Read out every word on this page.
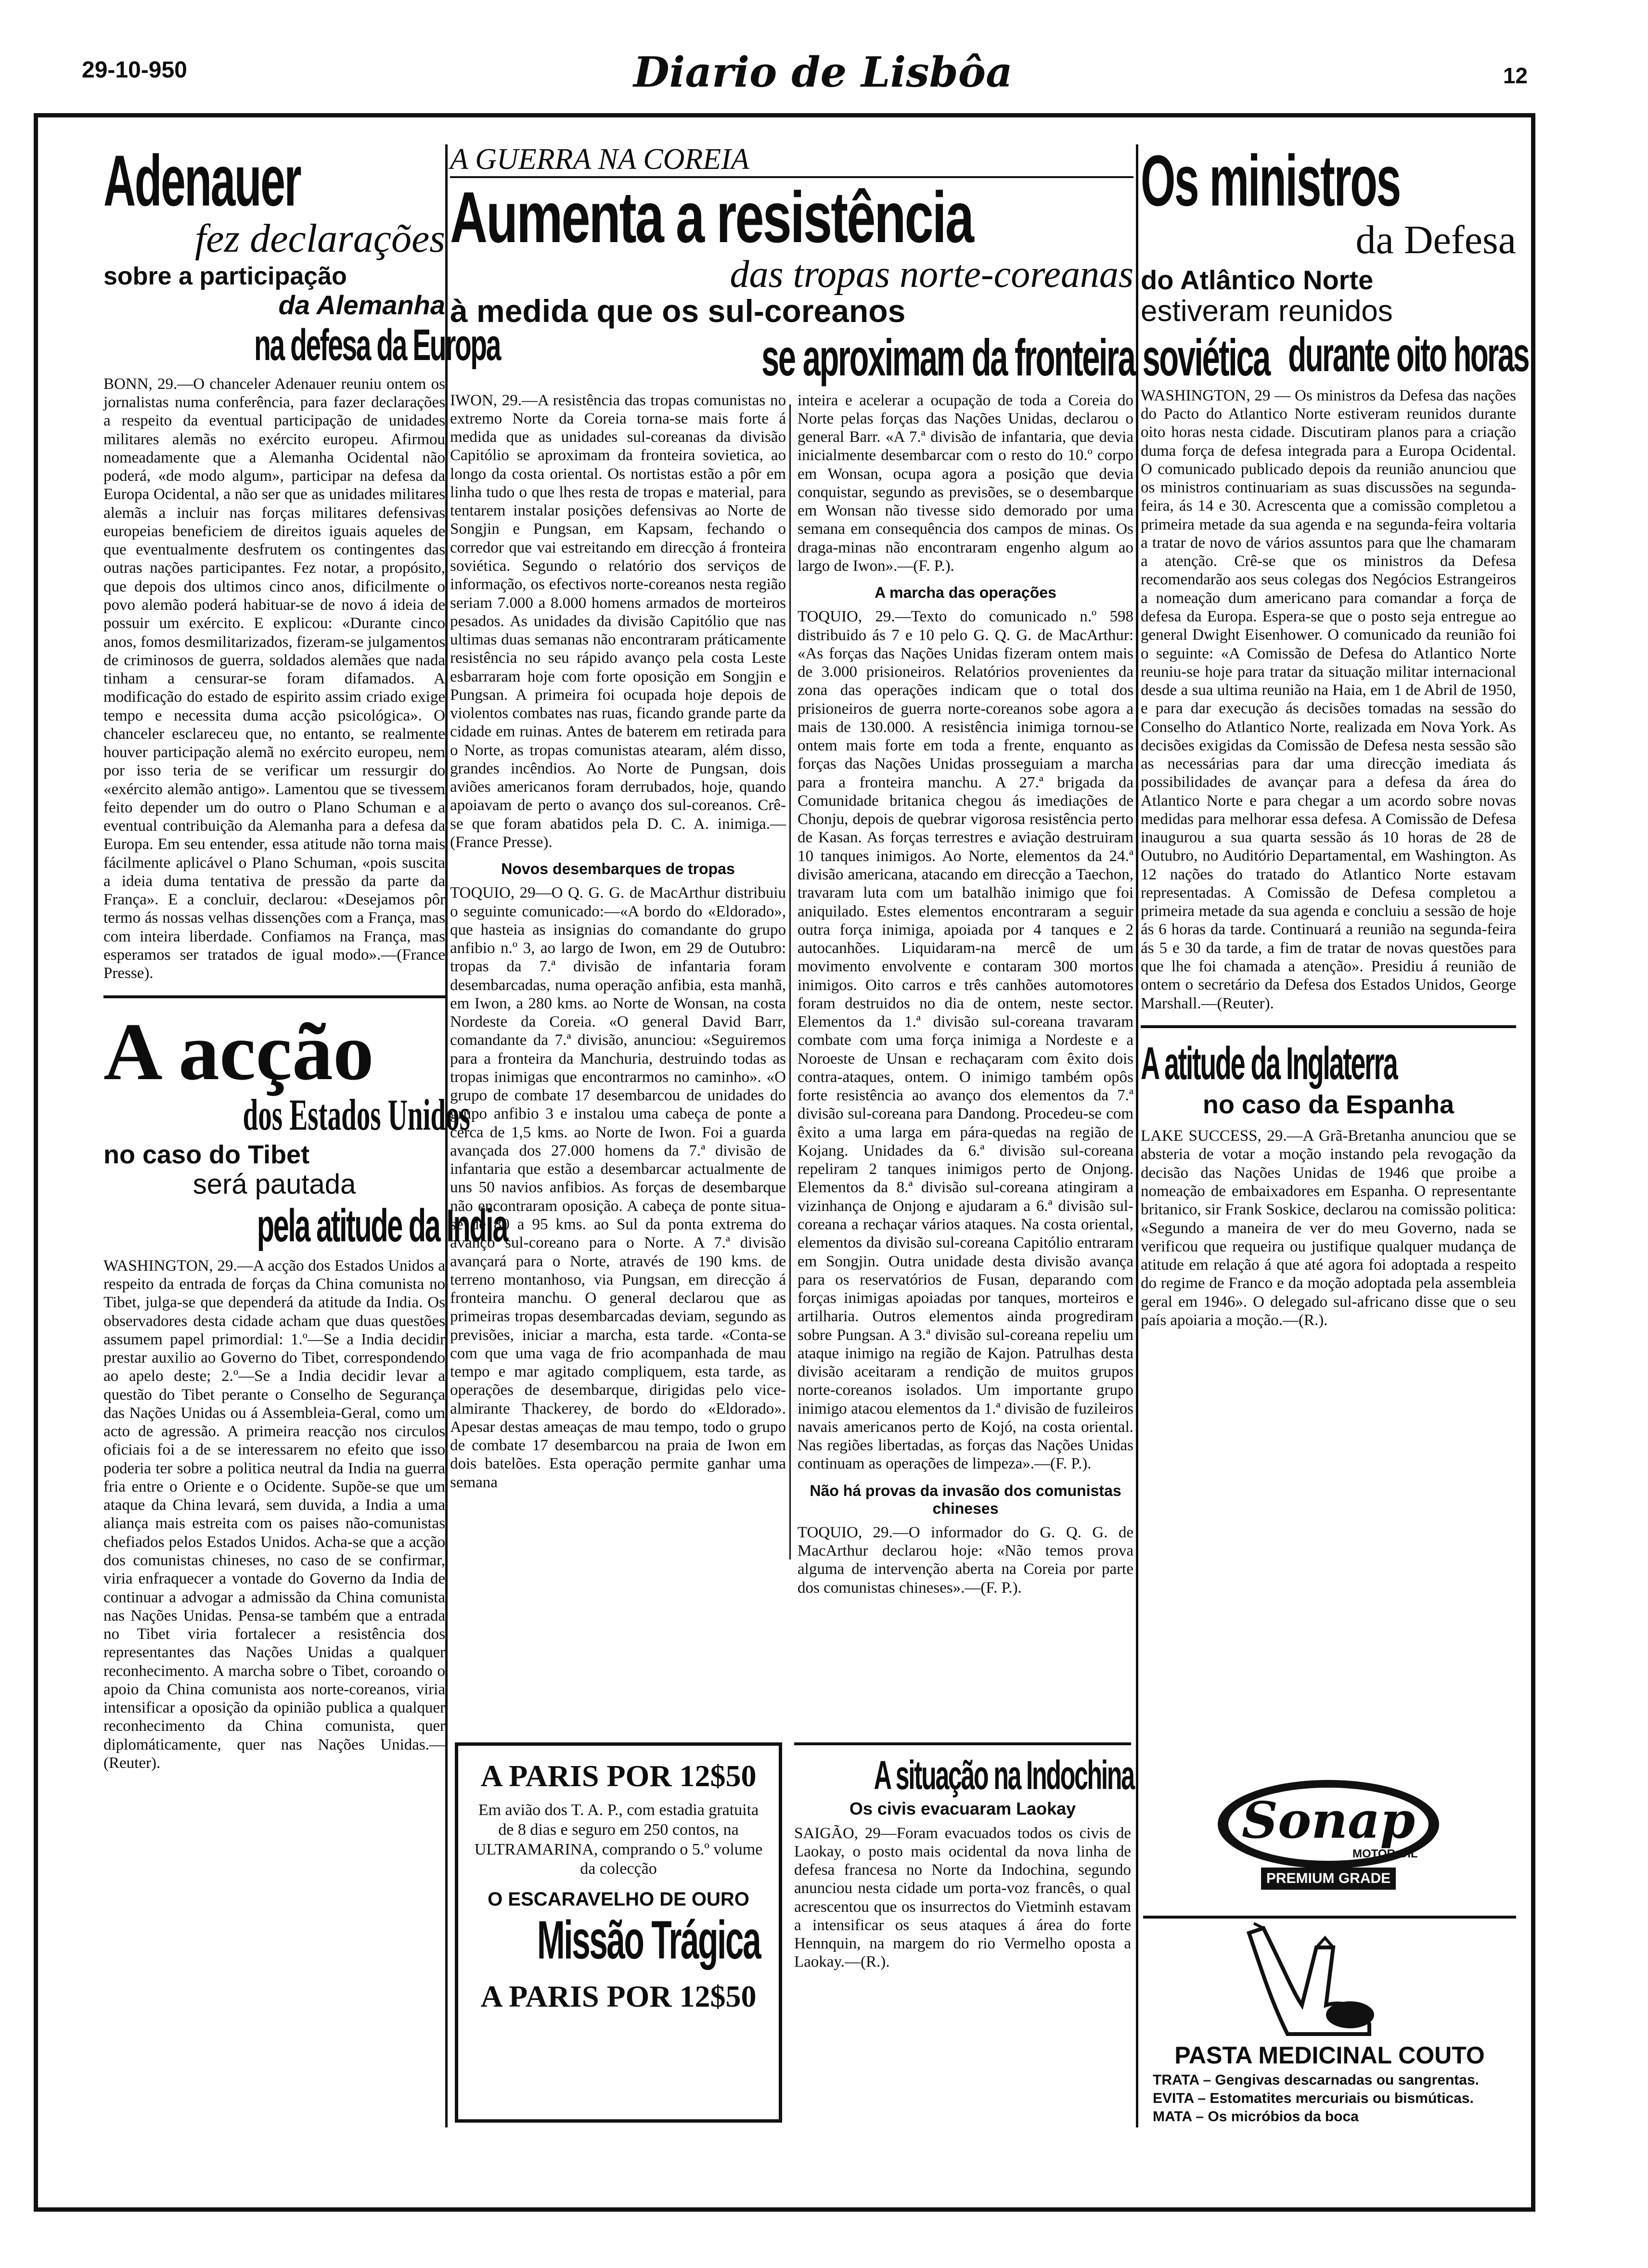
29-10-950	Diario de Lisbôa	12
Adenauer

fez declarações

sobre a participação

da Alemanha

na defesa da Europa

BONN, 29.—O chanceler Adenauer reuniu ontem os jornalistas numa conferência, para fazer declarações a respeito da eventual participação de unidades militares alemãs no exército europeu. Afirmou nomeadamente que a Alemanha Ocidental não poderá, «de modo algum», participar na defesa da Europa Ocidental, a não ser que as unidades militares alemãs a incluir nas forças militares defensivas europeias beneficiem de direitos iguais aqueles de que eventualmente desfrutem os contingentes das outras nações participantes. Fez notar, a propósito, que depois dos ultimos cinco anos, dificilmente o povo alemão poderá habituar-se de novo á ideia de possuir um exército. E explicou: «Durante cinco anos, fomos desmilitarizados, fizeram-se julgamentos de criminosos de guerra, soldados alemães que nada tinham a censurar-se foram difamados. A modificação do estado de espirito assim criado exige tempo e necessita duma acção psicológica». O chanceler esclareceu que, no entanto, se realmente houver participação alemã no exército europeu, nem por isso teria de se verificar um ressurgir do «exército alemão antigo». Lamentou que se tivessem feito depender um do outro o Plano Schuman e a eventual contribuição da Alemanha para a defesa da Europa. Em seu entender, essa atitude não torna mais fácilmente aplicável o Plano Schuman, «pois suscita a ideia duma tentativa de pressão da parte da França». E a concluir, declarou: «Desejamos pôr termo ás nossas velhas dissenções com a França, mas com inteira liberdade. Confiamos na França, mas esperamos ser tratados de igual modo».—(France Presse).

A acção

dos Estados Unidos

no caso do Tibet

será pautada

pela atitude da India

WASHINGTON, 29.—A acção dos Estados Unidos a respeito da entrada de forças da China comunista no Tibet, julga-se que dependerá da atitude da India. Os observadores desta cidade acham que duas questões assumem papel primordial: 1.º—Se a India decidir prestar auxilio ao Governo do Tibet, correspondendo ao apelo deste; 2.º—Se a India decidir levar a questão do Tibet perante o Conselho de Segurança das Nações Unidas ou á Assembleia-Geral, como um acto de agressão. A primeira reacção nos circulos oficiais foi a de se interessarem no efeito que isso poderia ter sobre a politica neutral da India na guerra fria entre o Oriente e o Ocidente. Supõe-se que um ataque da China levará, sem duvida, a India a uma aliança mais estreita com os paises não-comunistas chefiados pelos Estados Unidos. Acha-se que a acção dos comunistas chineses, no caso de se confirmar, viria enfraquecer a vontade do Governo da India de continuar a advogar a admissão da China comunista nas Nações Unidas. Pensa-se também que a entrada no Tibet viria fortalecer a resistência dos representantes das Nações Unidas a qualquer reconhecimento. A marcha sobre o Tibet, coroando o apoio da China comunista aos norte-coreanos, viria intensificar a oposição da opinião publica a qualquer reconhecimento da China comunista, quer diplomáticamente, quer nas Nações Unidas.—(Reuter).

A GUERRA NA COREIA

Aumenta a resistência

das tropas norte-coreanas

à medida que os sul-coreanos

se aproximam da fronteira soviética

IWON, 29.—A resistência das tropas comunistas no extremo Norte da Coreia torna-se mais forte á medida que as unidades sul-coreanas da divisão Capitólio se aproximam da fronteira sovietica, ao longo da costa oriental. Os nortistas estão a pôr em linha tudo o que lhes resta de tropas e material, para tentarem instalar posições defensivas ao Norte de Songjin e Pungsan, em Kapsam, fechando o corredor que vai estreitando em direcção á fronteira soviética. Segundo o relatório dos serviços de informação, os efectivos norte-coreanos nesta região seriam 7.000 a 8.000 homens armados de morteiros pesados. As unidades da divisão Capitólio que nas ultimas duas semanas não encontraram práticamente resistência no seu rápido avanço pela costa Leste esbarraram hoje com forte oposição em Songjin e Pungsan. A primeira foi ocupada hoje depois de violentos combates nas ruas, ficando grande parte da cidade em ruinas. Antes de baterem em retirada para o Norte, as tropas comunistas atearam, além disso, grandes incêndios. Ao Norte de Pungsan, dois aviões americanos foram derrubados, hoje, quando apoiavam de perto o avanço dos sul-coreanos. Crê-se que foram abatidos pela D. C. A. inimiga.—(France Presse).

Novos desembarques de tropas

TOQUIO, 29—O Q. G. G. de MacArthur distribuiu o seguinte comunicado:—«A bordo do «Eldorado», que hasteia as insignias do comandante do grupo anfibio n.º 3, ao largo de Iwon, em 29 de Outubro: tropas da 7.ª divisão de infantaria foram desembarcadas, numa operação anfibia, esta manhã, em Iwon, a 280 kms. ao Norte de Wonsan, na costa Nordeste da Coreia. «O general David Barr, comandante da 7.ª divisão, anunciou: «Seguiremos para a fronteira da Manchuria, destruindo todas as tropas inimigas que encontrarmos no caminho». «O grupo de combate 17 desembarcou de unidades do grupo anfibio 3 e instalou uma cabeça de ponte a cerca de 1,5 kms. ao Norte de Iwon. Foi a guarda avançada dos 27.000 homens da 7.ª divisão de infantaria que estão a desembarcar actualmente de uns 50 navios anfibios. As forças de desembarque não encontraram oposição. A cabeça de ponte situa-se de 80 a 95 kms. ao Sul da ponta extrema do avanço sul-coreano para o Norte. A 7.ª divisão avançará para o Norte, através de 190 kms. de terreno montanhoso, via Pungsan, em direcção á fronteira manchu. O general declarou que as primeiras tropas desembarcadas deviam, segundo as previsões, iniciar a marcha, esta tarde. «Conta-se com que uma vaga de frio acompanhada de mau tempo e mar agitado compliquem, esta tarde, as operações de desembarque, dirigidas pelo vice-almirante Thackerey, de bordo do «Eldorado». Apesar destas ameaças de mau tempo, todo o grupo de combate 17 desembarcou na praia de Iwon em dois batelões. Esta operação permite ganhar uma semana

inteira e acelerar a ocupação de toda a Coreia do Norte pelas forças das Nações Unidas, declarou o general Barr. «A 7.ª divisão de infantaria, que devia inicialmente desembarcar com o resto do 10.º corpo em Wonsan, ocupa agora a posição que devia conquistar, segundo as previsões, se o desembarque em Wonsan não tivesse sido demorado por uma semana em consequência dos campos de minas. Os draga-minas não encontraram engenho algum ao largo de Iwon».—(F. P.).

A marcha das operações

TOQUIO, 29.—Texto do comunicado n.º 598 distribuido ás 7 e 10 pelo G. Q. G. de MacArthur: «As forças das Nações Unidas fizeram ontem mais de 3.000 prisioneiros. Relatórios provenientes da zona das operações indicam que o total dos prisioneiros de guerra norte-coreanos sobe agora a mais de 130.000. A resistência inimiga tornou-se ontem mais forte em toda a frente, enquanto as forças das Nações Unidas prosseguiam a marcha para a fronteira manchu. A 27.ª brigada da Comunidade britanica chegou ás imediações de Chonju, depois de quebrar vigorosa resistência perto de Kasan. As forças terrestres e aviação destruiram 10 tanques inimigos. Ao Norte, elementos da 24.ª divisão americana, atacando em direcção a Taechon, travaram luta com um batalhão inimigo que foi aniquilado. Estes elementos encontraram a seguir outra força inimiga, apoiada por 4 tanques e 2 autocanhões. Liquidaram-na mercê de um movimento envolvente e contaram 300 mortos inimigos. Oito carros e três canhões automotores foram destruidos no dia de ontem, neste sector. Elementos da 1.ª divisão sul-coreana travaram combate com uma força inimiga a Nordeste e a Noroeste de Unsan e rechaçaram com êxito dois contra-ataques, ontem. O inimigo também opôs forte resistência ao avanço dos elementos da 7.ª divisão sul-coreana para Dandong. Procedeu-se com êxito a uma larga em pára-quedas na região de Kojang. Unidades da 6.ª divisão sul-coreana repeliram 2 tanques inimigos perto de Onjong. Elementos da 8.ª divisão sul-coreana atingiram a vizinhança de Onjong e ajudaram a 6.ª divisão sul-coreana a rechaçar vários ataques. Na costa oriental, elementos da divisão sul-coreana Capitólio entraram em Songjin. Outra unidade desta divisão avança para os reservatórios de Fusan, deparando com forças inimigas apoiadas por tanques, morteiros e artilharia. Outros elementos ainda progrediram sobre Pungsan. A 3.ª divisão sul-coreana repeliu um ataque inimigo na região de Kajon. Patrulhas desta divisão aceitaram a rendição de muitos grupos norte-coreanos isolados. Um importante grupo inimigo atacou elementos da 1.ª divisão de fuzileiros navais americanos perto de Kojó, na costa oriental. Nas regiões libertadas, as forças das Nações Unidas continuam as operações de limpeza».—(F. P.).

Não há provas da invasão dos comunistas chineses

TOQUIO, 29.—O informador do G. Q. G. de MacArthur declarou hoje: «Não temos prova alguma de intervenção aberta na Coreia por parte dos comunistas chineses».—(F. P.).

A PARIS POR 12$50

Em avião dos T. A. P., com estadia gratuita de 8 dias e seguro em 250 contos, na ULTRAMARINA, comprando o 5.º volume da colecção

O ESCARAVELHO DE OURO

Missão Trágica

A PARIS POR 12$50

A situação na Indochina

Os civis evacuaram Laokay

SAIGÃO, 29—Foram evacuados todos os civis de Laokay, o posto mais ocidental da nova linha de defesa francesa no Norte da Indochina, segundo anunciou nesta cidade um porta-voz francês, o qual acrescentou que os insurrectos do Vietminh estavam a intensificar os seus ataques á área do forte Hennquin, na margem do rio Vermelho oposta a Laokay.—(R.).

Os ministros

da Defesa

do Atlântico Norte

estiveram reunidos

durante oito horas

WASHINGTON, 29 — Os ministros da Defesa das nações do Pacto do Atlantico Norte estiveram reunidos durante oito horas nesta cidade. Discutiram planos para a criação duma força de defesa integrada para a Europa Ocidental. O comunicado publicado depois da reunião anunciou que os ministros continuariam as suas discussões na segunda-feira, ás 14 e 30. Acrescenta que a comissão completou a primeira metade da sua agenda e na segunda-feira voltaria a tratar de novo de vários assuntos para que lhe chamaram a atenção. Crê-se que os ministros da Defesa recomendarão aos seus colegas dos Negócios Estrangeiros a nomeação dum americano para comandar a força de defesa da Europa. Espera-se que o posto seja entregue ao general Dwight Eisenhower. O comunicado da reunião foi o seguinte: «A Comissão de Defesa do Atlantico Norte reuniu-se hoje para tratar da situação militar internacional desde a sua ultima reunião na Haia, em 1 de Abril de 1950, e para dar execução ás decisões tomadas na sessão do Conselho do Atlantico Norte, realizada em Nova York. As decisões exigidas da Comissão de Defesa nesta sessão são as necessárias para dar uma direcção imediata ás possibilidades de avançar para a defesa da área do Atlantico Norte e para chegar a um acordo sobre novas medidas para melhorar essa defesa. A Comissão de Defesa inaugurou a sua quarta sessão ás 10 horas de 28 de Outubro, no Auditório Departamental, em Washington. As 12 nações do tratado do Atlantico Norte estavam representadas. A Comissão de Defesa completou a primeira metade da sua agenda e concluiu a sessão de hoje ás 6 horas da tarde. Continuará a reunião na segunda-feira ás 5 e 30 da tarde, a fim de tratar de novas questões para que lhe foi chamada a atenção». Presidiu á reunião de ontem o secretário da Defesa dos Estados Unidos, George Marshall.—(Reuter).

A atitude da Inglaterra

no caso da Espanha

LAKE SUCCESS, 29.—A Grã-Bretanha anunciou que se absteria de votar a moção instando pela revogação da decisão das Nações Unidas de 1946 que proibe a nomeação de embaixadores em Espanha. O representante britanico, sir Frank Soskice, declarou na comissão politica: «Segundo a maneira de ver do meu Governo, nada se verificou que requeira ou justifique qualquer mudança de atitude em relação á que até agora foi adoptada a respeito do regime de Franco e da moção adoptada pela assembleia geral em 1946». O delegado sul-africano disse que o seu país apoiaria a moção.—(R.).

Sonap
MOTOR OIL
PREMIUM GRADE

PASTA MEDICINAL COUTO

TRATA – Gengivas descarnadas ou sangrentas.

EVITA – Estomatites mercuriais ou bismúticas.

MATA – Os micróbios da boca
